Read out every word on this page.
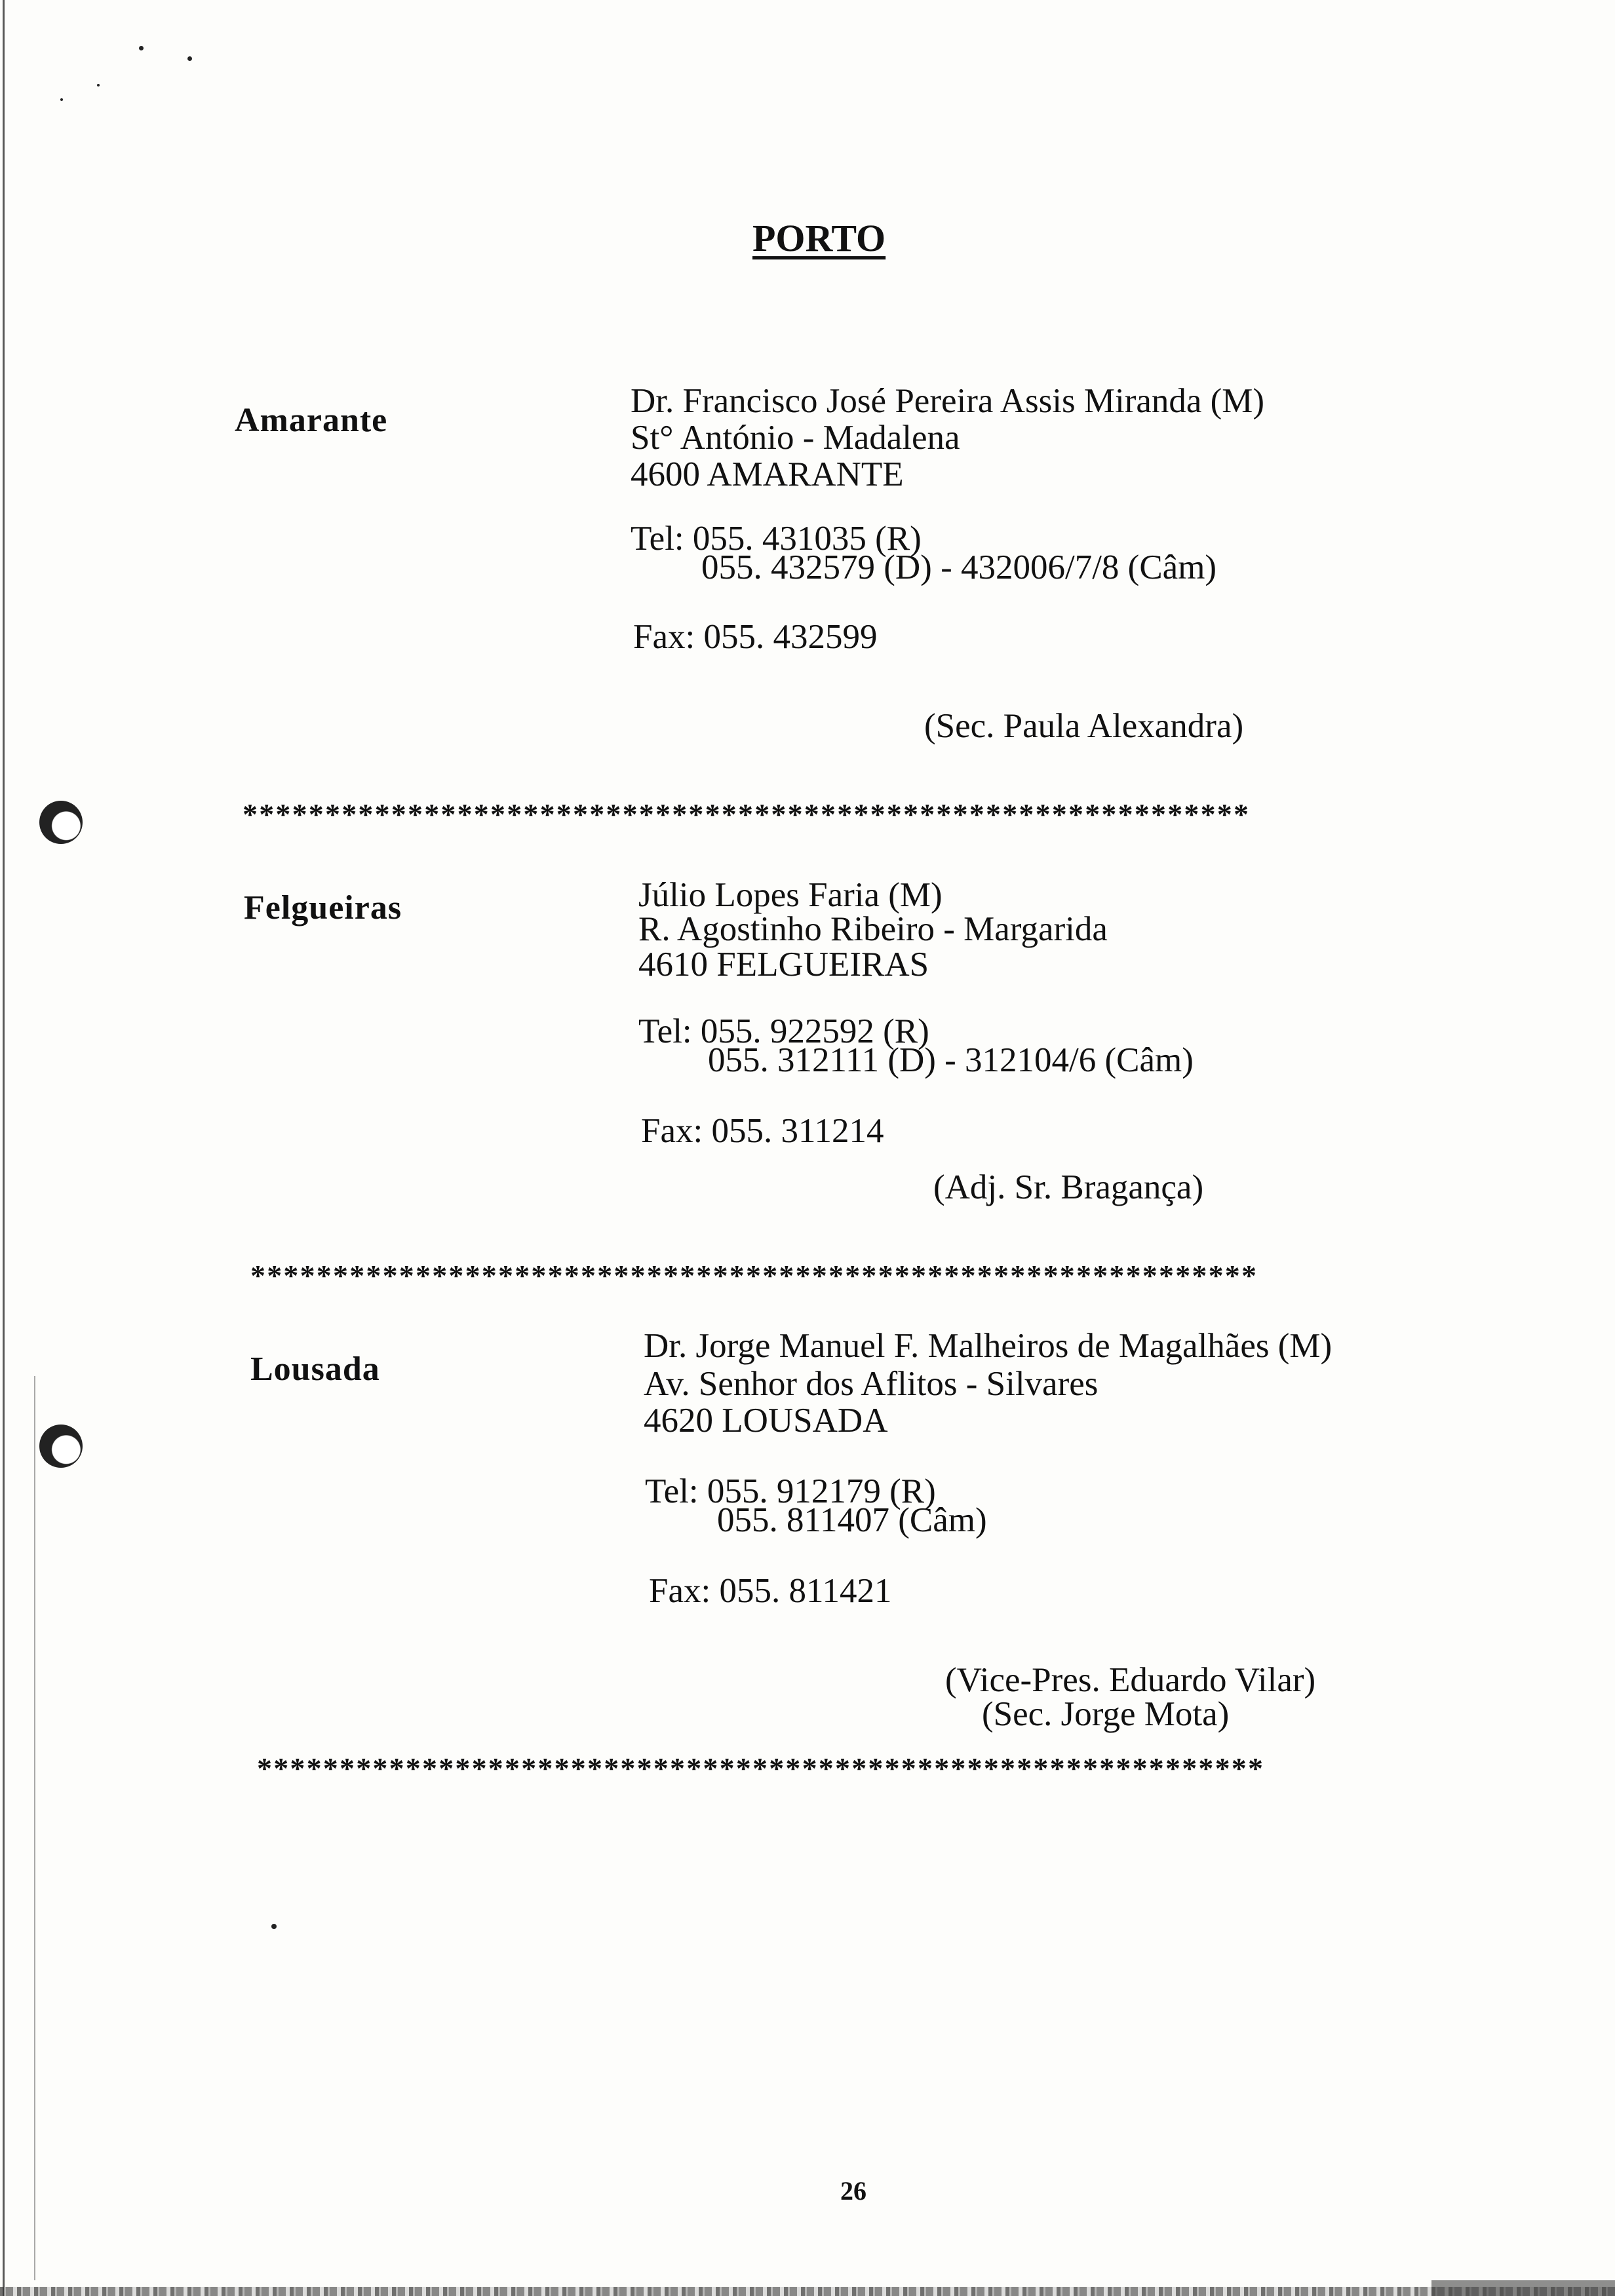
PORTO
Amarante
Dr. Francisco José Pereira Assis Miranda (M)
St° António - Madalena
4600 AMARANTE
Tel: 055. 431035 (R)
055. 432579 (D) - 432006/7/8 (Câm)
Fax: 055. 432599
(Sec. Paula Alexandra)
*************************************************************
Felgueiras	Júlio Lopes Faria (M)
R. Agostinho Ribeiro - Margarida
4610 FELGUEIRAS
Tel: 055. 922592 (R)
055. 312111 (D) - 312104/6 (Câm)
Fax: 055. 311214
(Adj. Sr. Bragança)
*************************************************************
Lousada
Dr. Jorge Manuel F. Malheiros de Magalhães (M)
Av. Senhor dos Aflitos - Silvares
4620 LOUSADA
Tel: 055. 912179 (R)
055. 811407 (Câm)
Fax: 055. 811421
(Vice-Pres. Eduardo Vilar)
(Sec. Jorge Mota)
*************************************************************
26
